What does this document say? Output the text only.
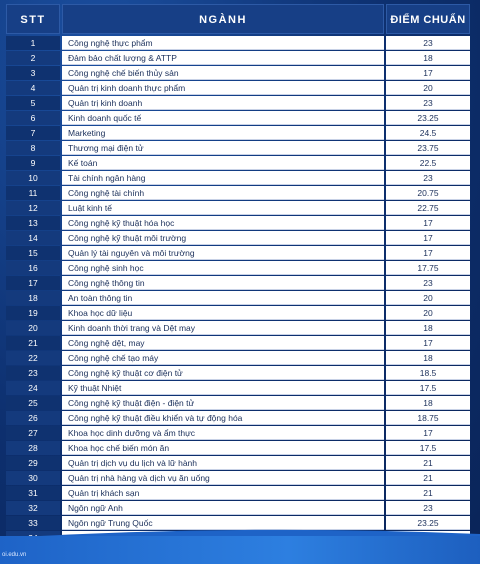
STT	NGÀNH	ĐIỂM CHUẨN
1	Công nghệ thực phẩm	23
2	Đảm bảo chất lượng & ATTP	18
3	Công nghệ chế biến thủy sản	17
4	Quản trị kinh doanh thực phẩm	20
5	Quản trị kinh doanh	23
6	Kinh doanh quốc tế	23.25
7	Marketing	24.5
8	Thương mại điện tử	23.75
9	Kế toán	22.5
10	Tài chính ngân hàng	23
11	Công nghệ tài chính	20.75
12	Luật kinh tế	22.75
13	Công nghệ kỹ thuật hóa học	17
14	Công nghệ kỹ thuật môi trường	17
15	Quản lý tài nguyên và môi trường	17
16	Công nghệ sinh học	17.75
17	Công nghệ thông tin	23
18	An toàn thông tin	20
19	Khoa học dữ liệu	20
20	Kinh doanh thời trang và Dệt may	18
21	Công nghệ dệt, may	17
22	Công nghệ chế tạo máy	18
23	Công nghệ kỹ thuật cơ điện tử	18.5
24	Kỹ thuật Nhiệt	17.5
25	Công nghệ kỹ thuật điện - điện tử	18
26	Công nghệ kỹ thuật điều khiển và tự động hóa	18.75
27	Khoa học dinh dưỡng và ẩm thực	17
28	Khoa học chế biến món ăn	17.5
29	Quản trị dịch vụ du lịch và lữ hành	21
30	Quản trị nhà hàng và dịch vụ ăn uống	21
31	Quản trị khách sạn	21
32	Ngôn ngữ Anh	23
33	Ngôn ngữ Trung Quốc	23.25
oi.edu.vn
